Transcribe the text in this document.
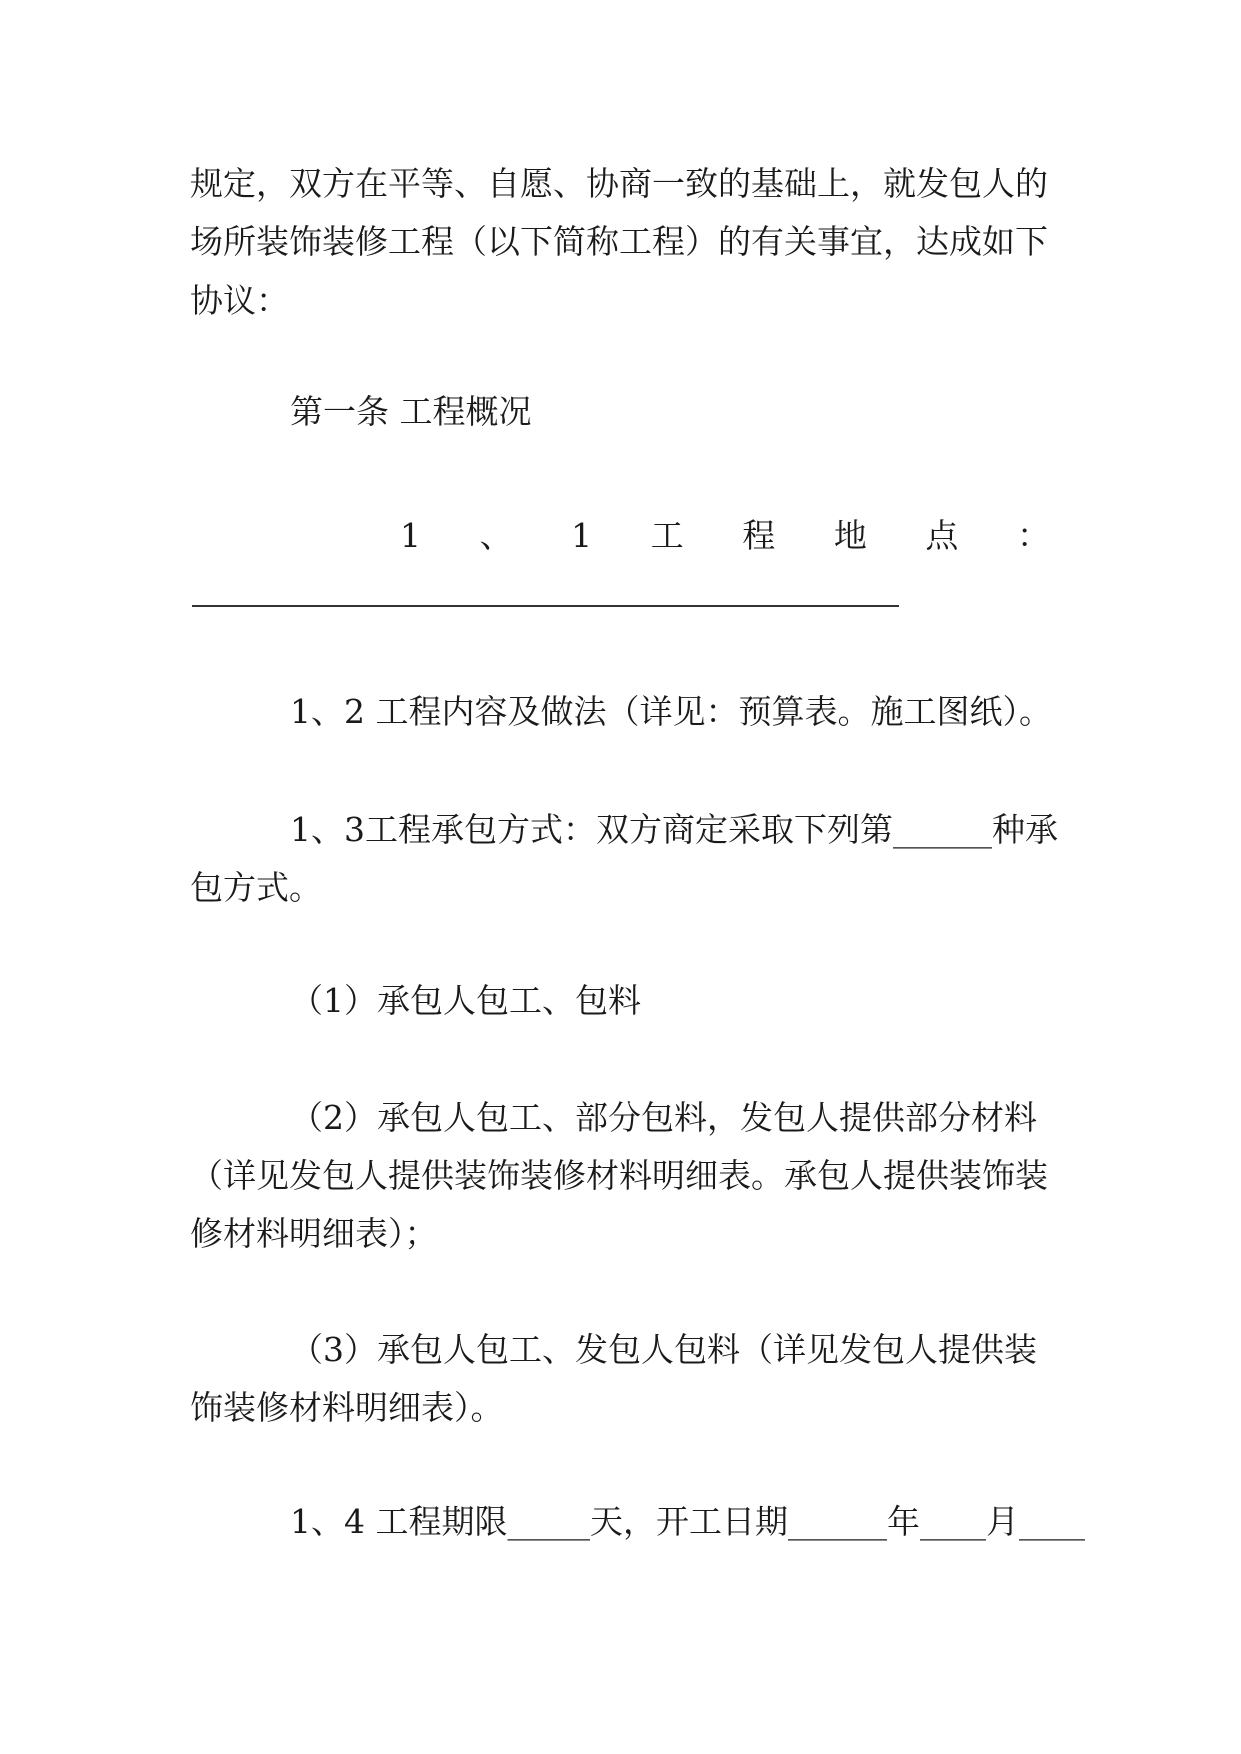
规定，双方在平等、自愿、协商一致的基础上，就发包人的
场所装饰装修工程（以下简称工程）的有关事宜，达成如下
协议：
第一条 工程概况
1 、 1 工 程 地 点 ：
1、2 工程内容及做法（详见：预算表。施工图纸）。
1、3工程承包方式：双方商定采取下列第______种承
包方式。
（1）承包人包工、包料
（2）承包人包工、部分包料，发包人提供部分材料
（详见发包人提供装饰装修材料明细表。承包人提供装饰装
修材料明细表）；
（3）承包人包工、发包人包料（详见发包人提供装
饰装修材料明细表）。
1、4 工程期限_____天，开工日期______年____月____
